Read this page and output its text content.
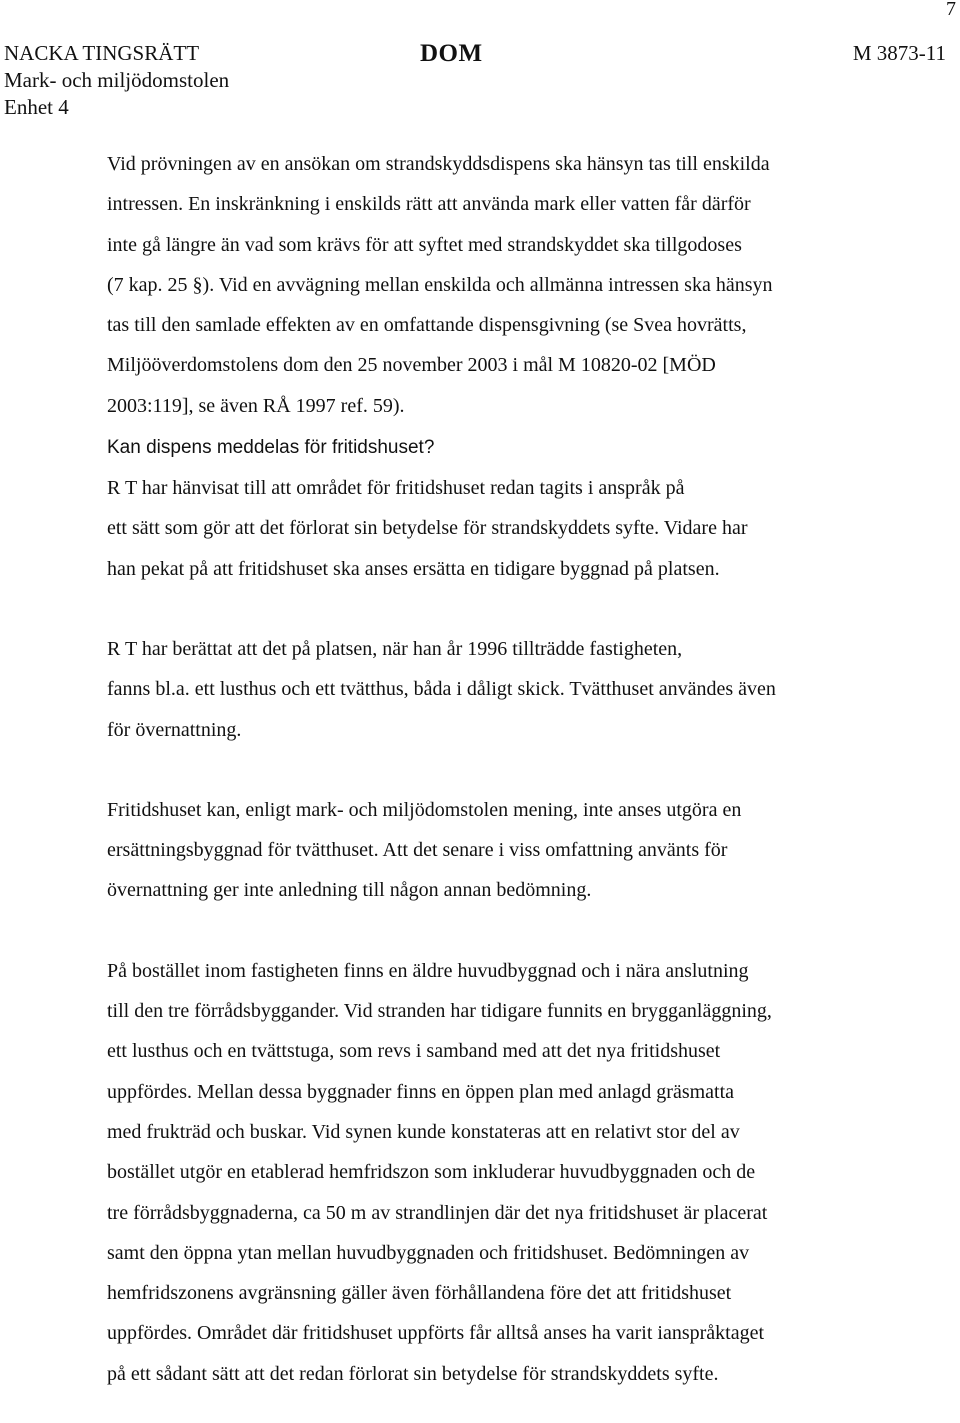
7
NACKA TINGSRÄTT
Mark- och miljödomstolen
Enhet 4
DOM	M 3873-11
Vid prövningen av en ansökan om strandskyddsdispens ska hänsyn tas till enskilda
intressen. En inskränkning i enskilds rätt att använda mark eller vatten får därför
inte gå längre än vad som krävs för att syftet med strandskyddet ska tillgodoses
(7 kap. 25 §). Vid en avvägning mellan enskilda och allmänna intressen ska hänsyn
tas till den samlade effekten av en omfattande dispensgivning (se Svea hovrätts,
Miljööverdomstolens dom den 25 november 2003 i mål M 10820-02 [MÖD
2003:119], se även RÅ 1997 ref. 59).
Kan dispens meddelas för fritidshuset?
R T har hänvisat till att området för fritidshuset redan tagits i anspråk på
ett sätt som gör att det förlorat sin betydelse för strandskyddets syfte. Vidare har
han pekat på att fritidshuset ska anses ersätta en tidigare byggnad på platsen.
R T har berättat att det på platsen, när han år 1996 tillträdde fastigheten,
fanns bl.a. ett lusthus och ett tvätthus, båda i dåligt skick. Tvätthuset användes även
för övernattning.
Fritidshuset kan, enligt mark- och miljödomstolen mening, inte anses utgöra en
ersättningsbyggnad för tvätthuset. Att det senare i viss omfattning använts för
övernattning ger inte anledning till någon annan bedömning.
På bostället inom fastigheten finns en äldre huvudbyggnad och i nära anslutning
till den tre förrådsbyggander. Vid stranden har tidigare funnits en brygganläggning,
ett lusthus och en tvättstuga, som revs i samband med att det nya fritidshuset
uppfördes. Mellan dessa byggnader finns en öppen plan med anlagd gräsmatta
med frukträd och buskar. Vid synen kunde konstateras att en relativt stor del av
bostället utgör en etablerad hemfridszon som inkluderar huvudbyggnaden och de
tre förrådsbyggnaderna, ca 50 m av strandlinjen där det nya fritidshuset är placerat
samt den öppna ytan mellan huvudbyggnaden och fritidshuset. Bedömningen av
hemfridszonens avgränsning gäller även förhållandena före det att fritidshuset
uppfördes. Området där fritidshuset uppförts får alltså anses ha varit ianspråktaget
på ett sådant sätt att det redan förlorat sin betydelse för strandskyddets syfte.
